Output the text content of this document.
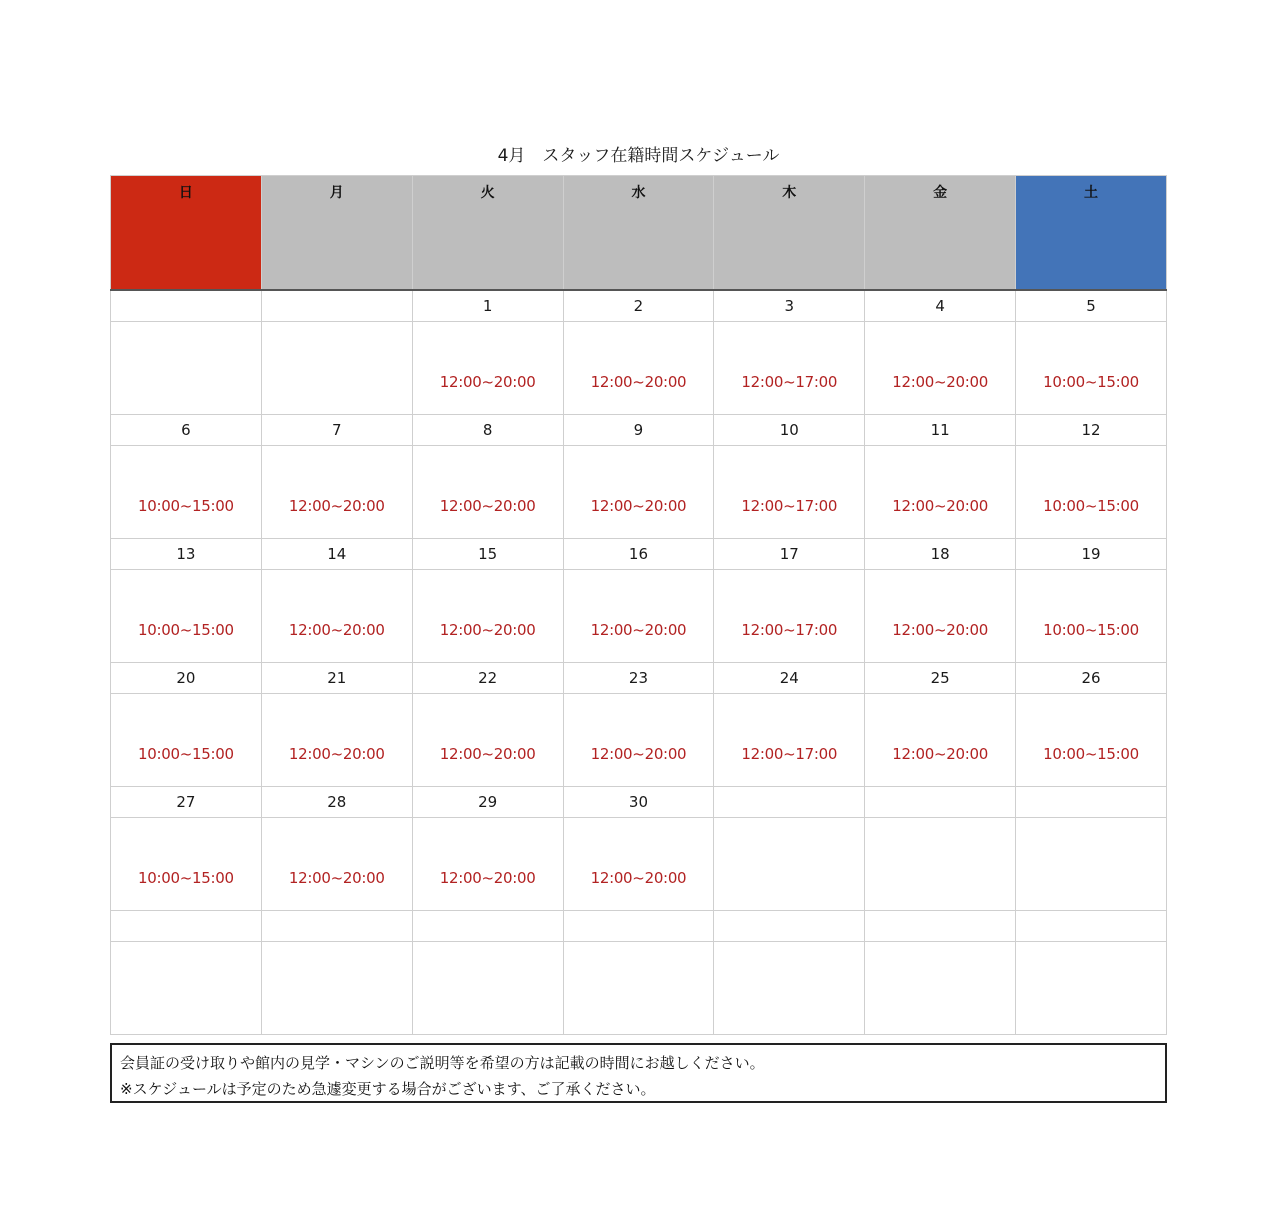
4月　スタッフ在籍時間スケジュール
日	月	火	水	木	金	土
		1	2	3	4	5
		12:00~20:00	12:00~20:00	12:00~17:00	12:00~20:00	10:00~15:00
6	7	8	9	10	11	12
10:00~15:00	12:00~20:00	12:00~20:00	12:00~20:00	12:00~17:00	12:00~20:00	10:00~15:00
13	14	15	16	17	18	19
10:00~15:00	12:00~20:00	12:00~20:00	12:00~20:00	12:00~17:00	12:00~20:00	10:00~15:00
20	21	22	23	24	25	26
10:00~15:00	12:00~20:00	12:00~20:00	12:00~20:00	12:00~17:00	12:00~20:00	10:00~15:00
27	28	29	30			
10:00~15:00	12:00~20:00	12:00~20:00	12:00~20:00			

会員証の受け取りや館内の見学・マシンのご説明等を希望の方は記載の時間にお越しください。
※スケジュールは予定のため急遽変更する場合がございます、ご了承ください。
